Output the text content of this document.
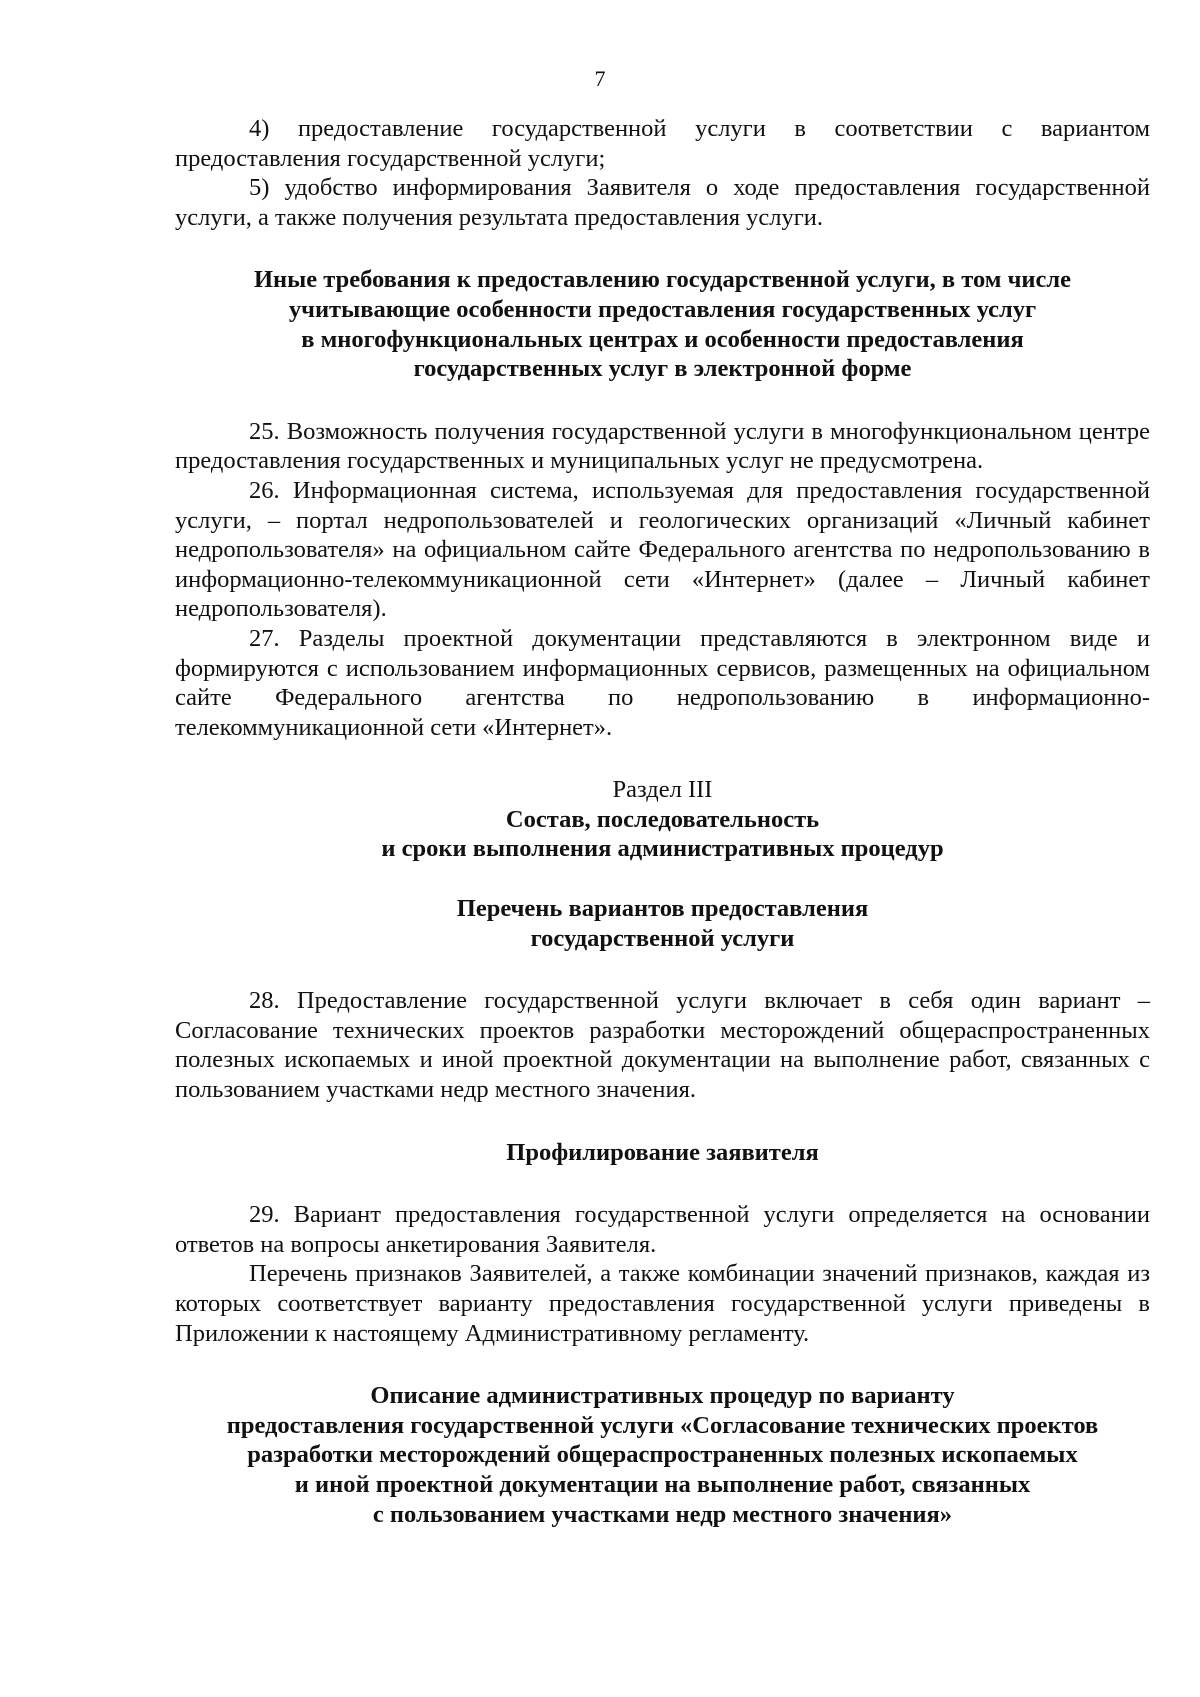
7

4) предоставление государственной услуги в соответствии с вариантом предоставления государственной услуги;

5) удобство информирования Заявителя о ходе предоставления государственной услуги, а также получения результата предоставления услуги.

Иные требования к предоставлению государственной услуги, в том числе
учитывающие особенности предоставления государственных услуг
в многофункциональных центрах и особенности предоставления
государственных услуг в электронной форме

25. Возможность получения государственной услуги в многофункциональном центре предоставления государственных и муниципальных услуг не предусмотрена.

26. Информационная система, используемая для предоставления государственной услуги, – портал недропользователей и геологических организаций «Личный кабинет недропользователя» на официальном сайте Федерального агентства по недропользованию в информационно-телекоммуникационной сети «Интернет» (далее – Личный кабинет недропользователя).

27. Разделы проектной документации представляются в электронном виде и формируются с использованием информационных сервисов, размещенных на официальном сайте Федерального агентства по недропользованию в информационно-телекоммуникационной сети «Интернет».

Раздел III
Состав, последовательность
и сроки выполнения административных процедур
Перечень вариантов предоставления
государственной услуги

28. Предоставление государственной услуги включает в себя один вариант – Согласование технических проектов разработки месторождений общераспространенных полезных ископаемых и иной проектной документации на выполнение работ, связанных с пользованием участками недр местного значения.

Профилирование заявителя

29. Вариант предоставления государственной услуги определяется на основании ответов на вопросы анкетирования Заявителя.

Перечень признаков Заявителей, а также комбинации значений признаков, каждая из которых соответствует варианту предоставления государственной услуги приведены в Приложении к настоящему Административному регламенту.

Описание административных процедур по варианту
предоставления государственной услуги «Согласование технических проектов
разработки месторождений общераспространенных полезных ископаемых
и иной проектной документации на выполнение работ, связанных
с пользованием участками недр местного значения»
